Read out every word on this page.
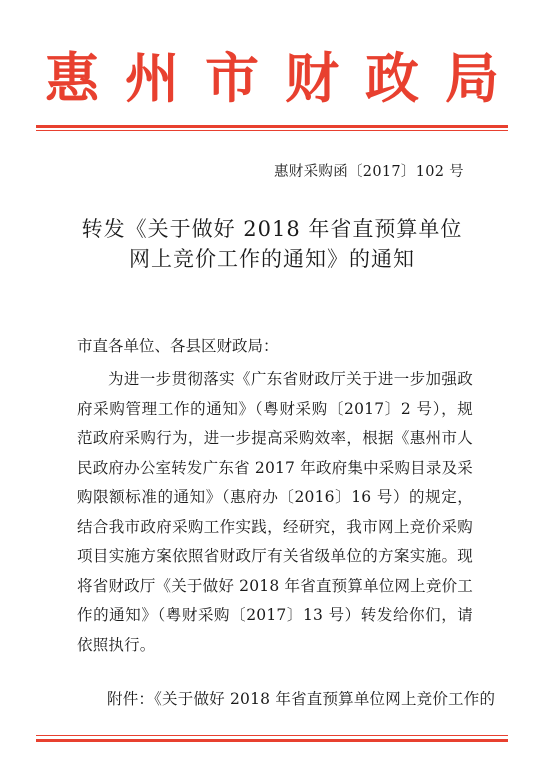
惠州市财政局
惠财采购函〔2017〕102 号
转发《关于做好 2018 年省直预算单位
网上竞价工作的通知》的通知
市直各单位、各县区财政局：
为进一步贯彻落实《广东省财政厅关于进一步加强政府采购管理工作的通知》（粤财采购〔2017〕2 号），规范政府采购行为，进一步提高采购效率，根据《惠州市人民政府办公室转发广东省 2017 年政府集中采购目录及采购限额标准的通知》（惠府办〔2016〕16 号）的规定，结合我市政府采购工作实践，经研究，我市网上竞价采购项目实施方案依照省财政厅有关省级单位的方案实施。现将省财政厅《关于做好 2018 年省直预算单位网上竞价工作的通知》（粤财采购〔2017〕13 号）转发给你们，请依照执行。
附件：《关于做好 2018 年省直预算单位网上竞价工作的
